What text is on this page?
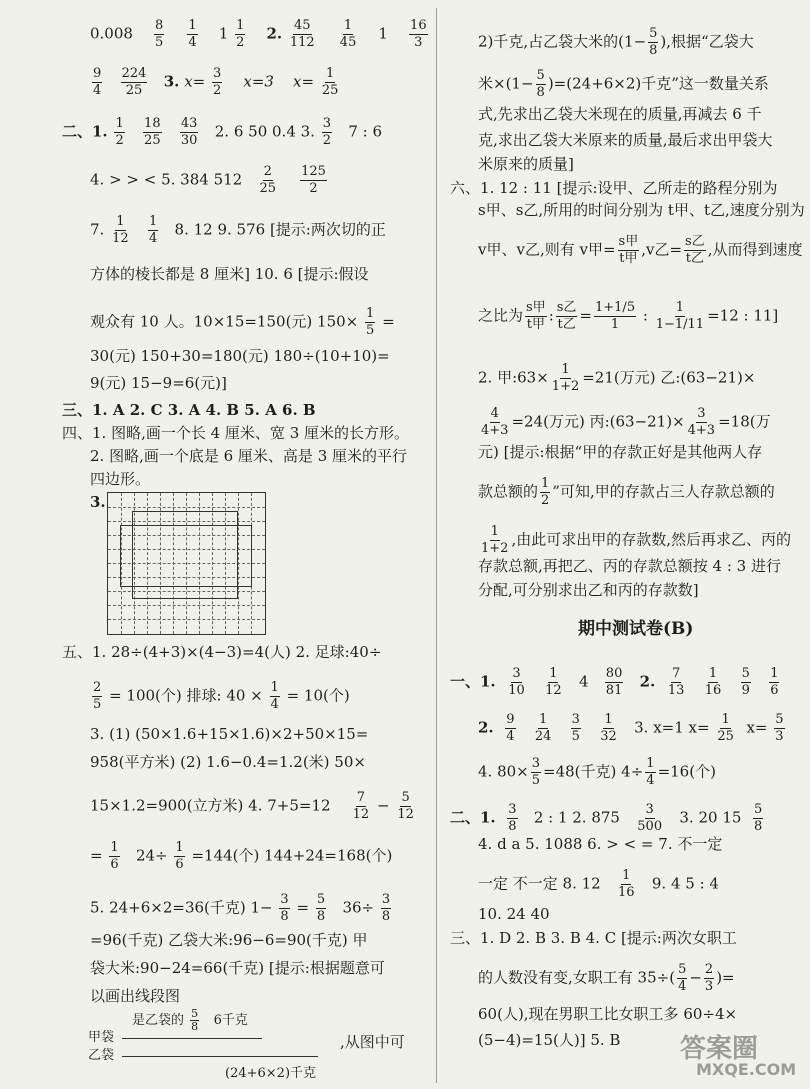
$0.008 \frac{8}{5}$
$\frac{1}{4} 1 \frac{1}{2} 2$. $\frac{45}{112}$
$\frac{1}{45} 1 \frac{16}{3}$
$\frac{9}{4}$
$\frac{224}{25} 3$. $x= \frac{3}{2} x=3$ $x= \frac{1}{25}$
二、1. $\frac{1}{2}$
$\frac{18}{25}$
$\frac{43}{30} 2$. 6 50 0.4 3. $\frac{3}{2} 7$ : 6
4. > > < 5. 384 $512 \frac{2}{25}$
$\frac{125}{2}$
7. $\frac{1}{12}$
$\frac{1}{4} 8$. 12 9. 576 [提示:两次切的正
方体的棱长都是 8 厘米] 10. 6 [提示:假设
观众有 10 人。10×15=150(元) $150\times \frac{1}{5}$ =
30(元) 150+30=180(元) 180÷(10+10)=
9(元) 15−9=6(元)]
三、1. A 2. C 3. A 4. B 5. A 6. B
四、1. 图略,画一个长 4 厘米、宽 3 厘米的长方形。
2. 图略,画一个底是 6 厘米、高是 3 厘米的平行
四边形。
3.
五、1. 28÷(4+3)×(4−3)=4(人) 2. 足球:40÷
$\frac{2}{5} = 100$(个) 排球: $40 \times \frac{1}{4} = 10$(个)
3. (1) (50×1.6+15×1.6)×2+50×15=
958(平方米) (2) 1.6−0.4=1.2(米) 50×
15×1.2=900(立方米) 4. $7+5=12 \frac{7}{12} - \frac{5}{12}$
= $\frac{1}{6} 24\div \frac{1}{6} =144$(个) 144+24=168(个)
5. 24+6×2=36(千克) $1- \frac{3}{8} = \frac{5}{8} 36\div \frac{3}{8}$
=96(千克) 乙袋大米:96−6=90(千克) 甲
袋大米:90−24=66(千克) [提示:根据题意可
以画出线段图
是乙袋的 $\frac{5}{8} 6$千克
甲袋
乙袋
,从图中可
(24+6×2)千克
2)千克,占乙袋大米的($1- \frac{5}{8}$ ),根据“乙袋大
米$\times(1- \frac{5}{8} )=(24+6\times 2)$千克”这一数量关系
式,先求出乙袋大米现在的质量,再减去 6 千
克,求出乙袋大米原来的质量,最后求出甲袋大
米原来的质量]
六、1. 12 : 11 [提示:设甲、乙所走的路程分别为
s甲、s乙,所用的时间分别为 t甲、t乙,速度分别为
v甲、v乙,则有 v甲= s甲
t甲 ,v乙= s乙
t乙 ,从而得到速度
之比为 s甲
t甲 : s乙
t乙 = $\frac{1+1/5}{1}$ : $\frac{1}{1-1/11} =12$ : 11]
2. 甲:63× $\frac{1}{1+2} =21$(万元) 乙:(63−21)×
$\frac{4}{4+3} =24$(万元) 丙:(63−21)× $\frac{3}{4+3} =18$(万
元) [提示:根据“甲的存款正好是其他两人存
款总额的 $\frac{1}{2}$ ”可知,甲的存款占三人存款总额的
$\frac{1}{1+2}$ ,由此可求出甲的存款数,然后再求乙、丙的
存款总额,再把乙、丙的存款总额按 4 : 3 进行
分配,可分别求出乙和丙的存款数]
期中测试卷(B)
一、1. $\frac{3}{10}$
$\frac{1}{12} 4 \frac{80}{81} 2$. $\frac{7}{13}$
$\frac{1}{16}$
$\frac{5}{9}$
$\frac{1}{6}$
2. $\frac{9}{4}$
$\frac{1}{24}$
$\frac{3}{5}$
$\frac{1}{32} 3$. x=1 $x= \frac{1}{25} x= \frac{5}{3}$
4. $80\times \frac{3}{5} =48$(千克) $4\div \frac{1}{4} =16$(个)
二、1. $\frac{3}{8} 2$ : 1 2. $875 \frac{3}{500} 3$. 20 $15 \frac{5}{8}$
4. d a 5. 1088 6. > < = 7. 不一定
一定 不一定 8. $12 \frac{1}{16} 9$. 4 5 : 4
10. 24 40
三、1. D 2. B 3. B 4. C [提示:两次女职工
的人数没有变,女职工有 $35\div( \frac{5}{4} - \frac{2}{3}$ )=
60(人),现在男职工比女职工多 60÷4×
(5−4)=15(人)] 5. B 答案圈
MXQE.COM
